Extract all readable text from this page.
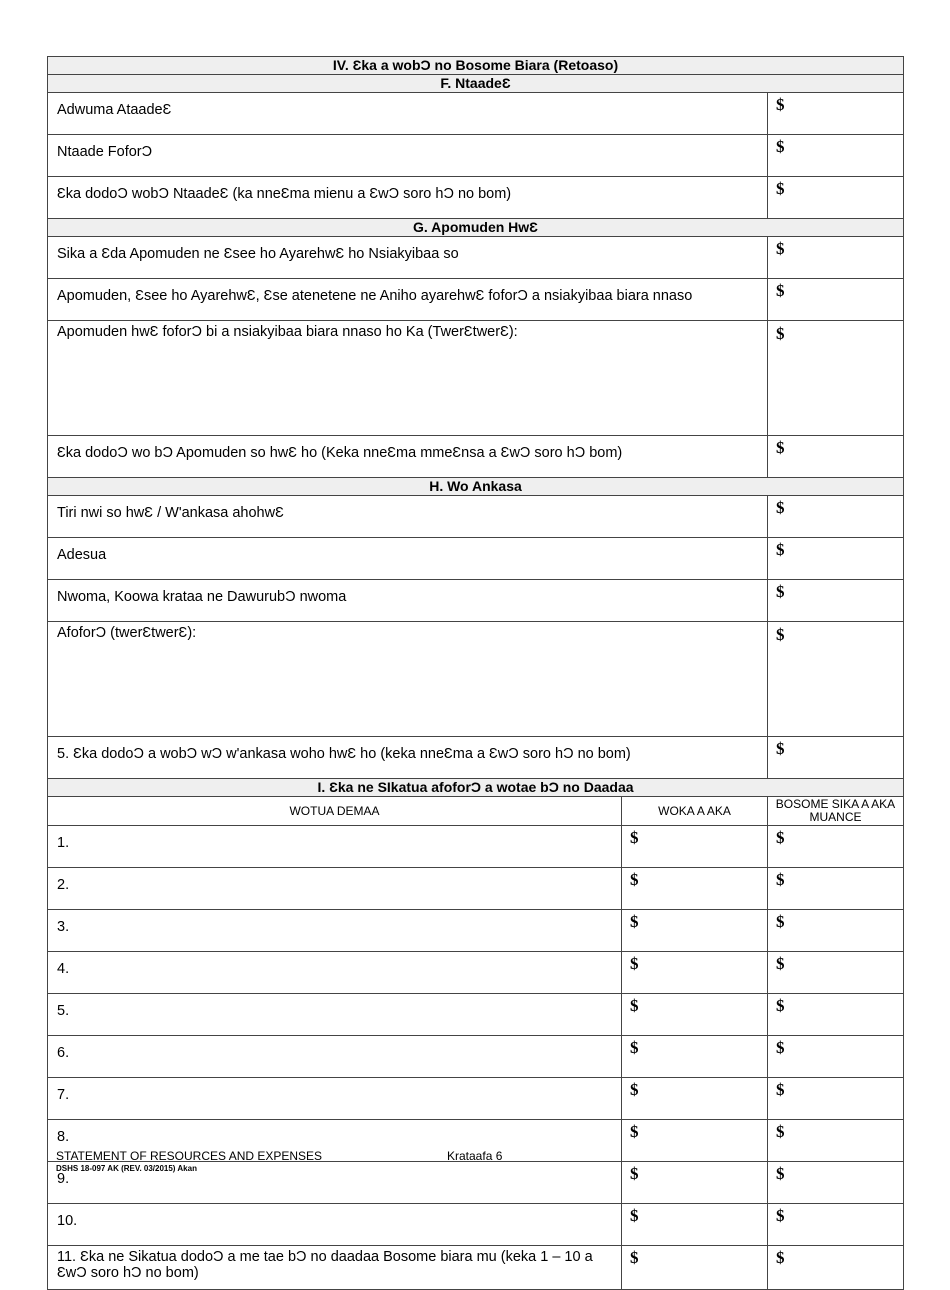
IV. Ɛka a wobƆ no Bosome Biara (Retoaso)		
F. NtaadeƐ		
Adwuma AtaadeƐ		$
Ntaade FoforƆ		$
Ɛka dodoƆ wobƆ NtaadeƐ (ka nneƐma mienu a ƐwƆ soro hƆ no bom)		$
G. Apomuden HwƐ		
Sika a Ɛda Apomuden ne Ɛsee ho AyarehwƐ ho Nsiakyibaa so		$
Apomuden, Ɛsee ho AyarehwƐ, Ɛse atenetene ne Aniho ayarehwƐ foforƆ a nsiakyibaa biara nnaso		$
Apomuden hwƐ foforƆ bi a nsiakyibaa biara nnaso ho Ka (TwerƐtwerƐ):		$
Ɛka dodoƆ wo bƆ Apomuden so hwƐ ho (Keka nneƐma mmeƐnsa a ƐwƆ soro hƆ bom)		$
H. Wo Ankasa		
Tiri nwi so hwƐ / W'ankasa ahohwƐ		$
Adesua		$
Nwoma, Koowa krataa ne DawurubƆ nwoma		$
AfoforƆ (twerƐtwerƐ):		$
5. Ɛka dodoƆ a wobƆ wƆ w'ankasa woho hwƐ ho (keka nneƐma a ƐwƆ soro hƆ no bom)		$
I. Ɛka ne SIkatua afoforƆ a wotae bƆ no Daadaa		
WOTUA DEMAA	WOKA A AKA	BOSOME SIKA A AKA MUANCE
1.	$	$
2.	$	$
3.	$	$
4.	$	$
5.	$	$
6.	$	$
7.	$	$
8.	$	$
9.	$	$
10.	$	$
11. Ɛka ne Sikatua dodoƆ a me tae bƆ no daadaa Bosome biara mu (keka 1 – 10 a ƐwƆ soro hƆ no bom)	$	$
STATEMENT OF RESOURCES AND EXPENSES
DSHS 18-097 AK (REV. 03/2015) Akan
Krataafa 6
